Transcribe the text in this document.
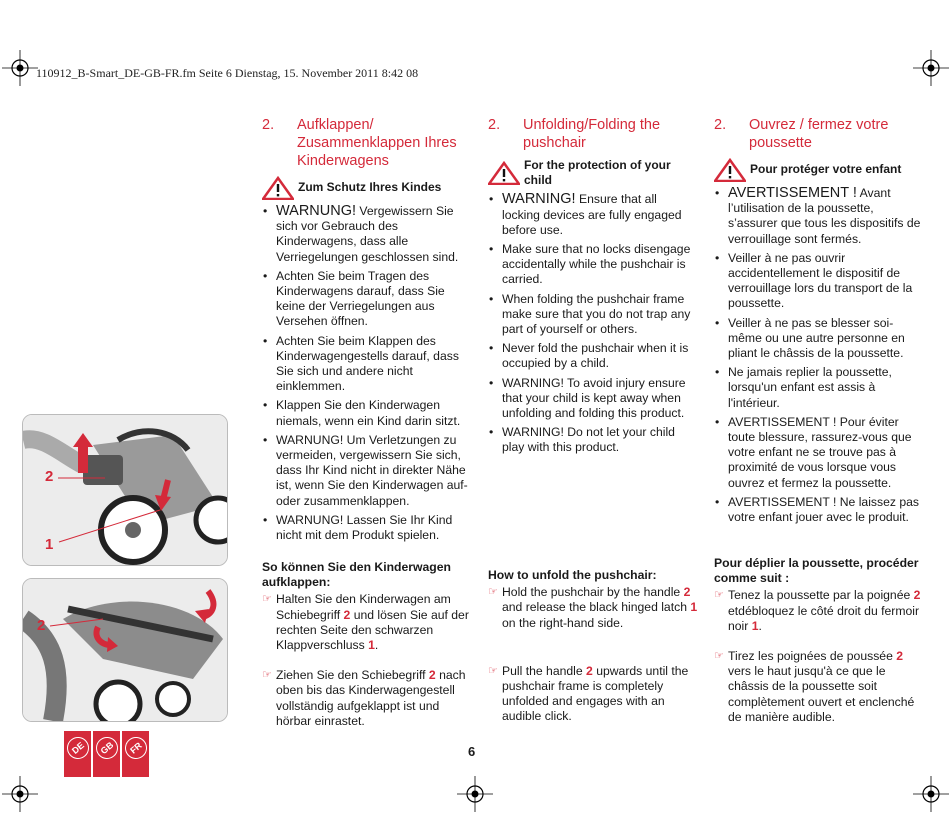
110912_B-Smart_DE-GB-FR.fm Seite 6 Dienstag, 15. November 2011 8:42 08
2
1
2
DE	GB	FR
2.	Aufklappen/ Zusammenklappen Ihres Kinderwagens
Zum Schutz Ihres Kindes
• WARNUNG! Vergewissern Sie sich vor Gebrauch des Kinderwagens, dass alle Verriegelungen geschlossen sind.
• Achten Sie beim Tragen des Kinderwagens darauf, dass Sie keine der Verriegelungen aus Versehen öffnen.
• Achten Sie beim Klappen des Kinderwagengestells darauf, dass Sie sich und andere nicht einklemmen.
• Klappen Sie den Kinderwagen niemals, wenn ein Kind darin sitzt.
• WARNUNG! Um Verletzungen zu vermeiden, vergewissern Sie sich, dass Ihr Kind nicht in direkter Nähe ist, wenn Sie den Kinderwagen auf- oder zusammenklappen.
• WARNUNG! Lassen Sie Ihr Kind nicht mit dem Produkt spielen.
So können Sie den Kinderwagen aufklappen:
☞ Halten Sie den Kinderwagen am Schiebegriff 2 und lösen Sie auf der rechten Seite den schwarzen Klappverschluss 1.
☞ Ziehen Sie den Schiebegriff 2 nach oben bis das Kinderwagengestell vollständig aufgeklappt ist und hörbar einrastet.
2.	Unfolding/Folding the pushchair
For the protection of your child
• WARNING! Ensure that all locking devices are fully engaged before use.
• Make sure that no locks disengage accidentally while the pushchair is carried.
• When folding the pushchair frame make sure that you do not trap any part of yourself or others.
• Never fold the pushchair when it is occupied by a child.
• WARNING! To avoid injury ensure that your child is kept away when unfolding and folding this product.
• WARNING! Do not let your child play with this product.
How to unfold the pushchair:
☞ Hold the pushchair by the handle 2 and release the black hinged latch 1 on the right-hand side.
☞ Pull the handle 2 upwards until the pushchair frame is completely unfolded and engages with an audible click.
2.	Ouvrez / fermez votre poussette
Pour protéger votre enfant
• AVERTISSEMENT ! Avant l’utilisation de la poussette, s’assurer que tous les dispositifs de verrouillage sont fermés.
• Veiller à ne pas ouvrir accidentellement le dispositif de verrouillage lors du transport de la poussette.
• Veiller à ne pas se blesser soi-même ou une autre personne en pliant le châssis de la poussette.
• Ne jamais replier la poussette, lorsqu'un enfant est assis à l'intérieur.
• AVERTISSEMENT ! Pour éviter toute blessure, rassurez-vous que votre enfant ne se trouve pas à proximité de vous lorsque vous ouvrez et fermez la poussette.
• AVERTISSEMENT ! Ne laissez pas votre enfant jouer avec le produit.
Pour déplier la poussette, procéder comme suit :
☞ Tenez la poussette par la poignée 2 etdébloquez le côté droit du fermoir noir 1.
☞ Tirez les poignées de poussée 2 vers le haut jusqu'à ce que le châssis de la poussette soit complètement ouvert et enclenché de manière audible.
6
